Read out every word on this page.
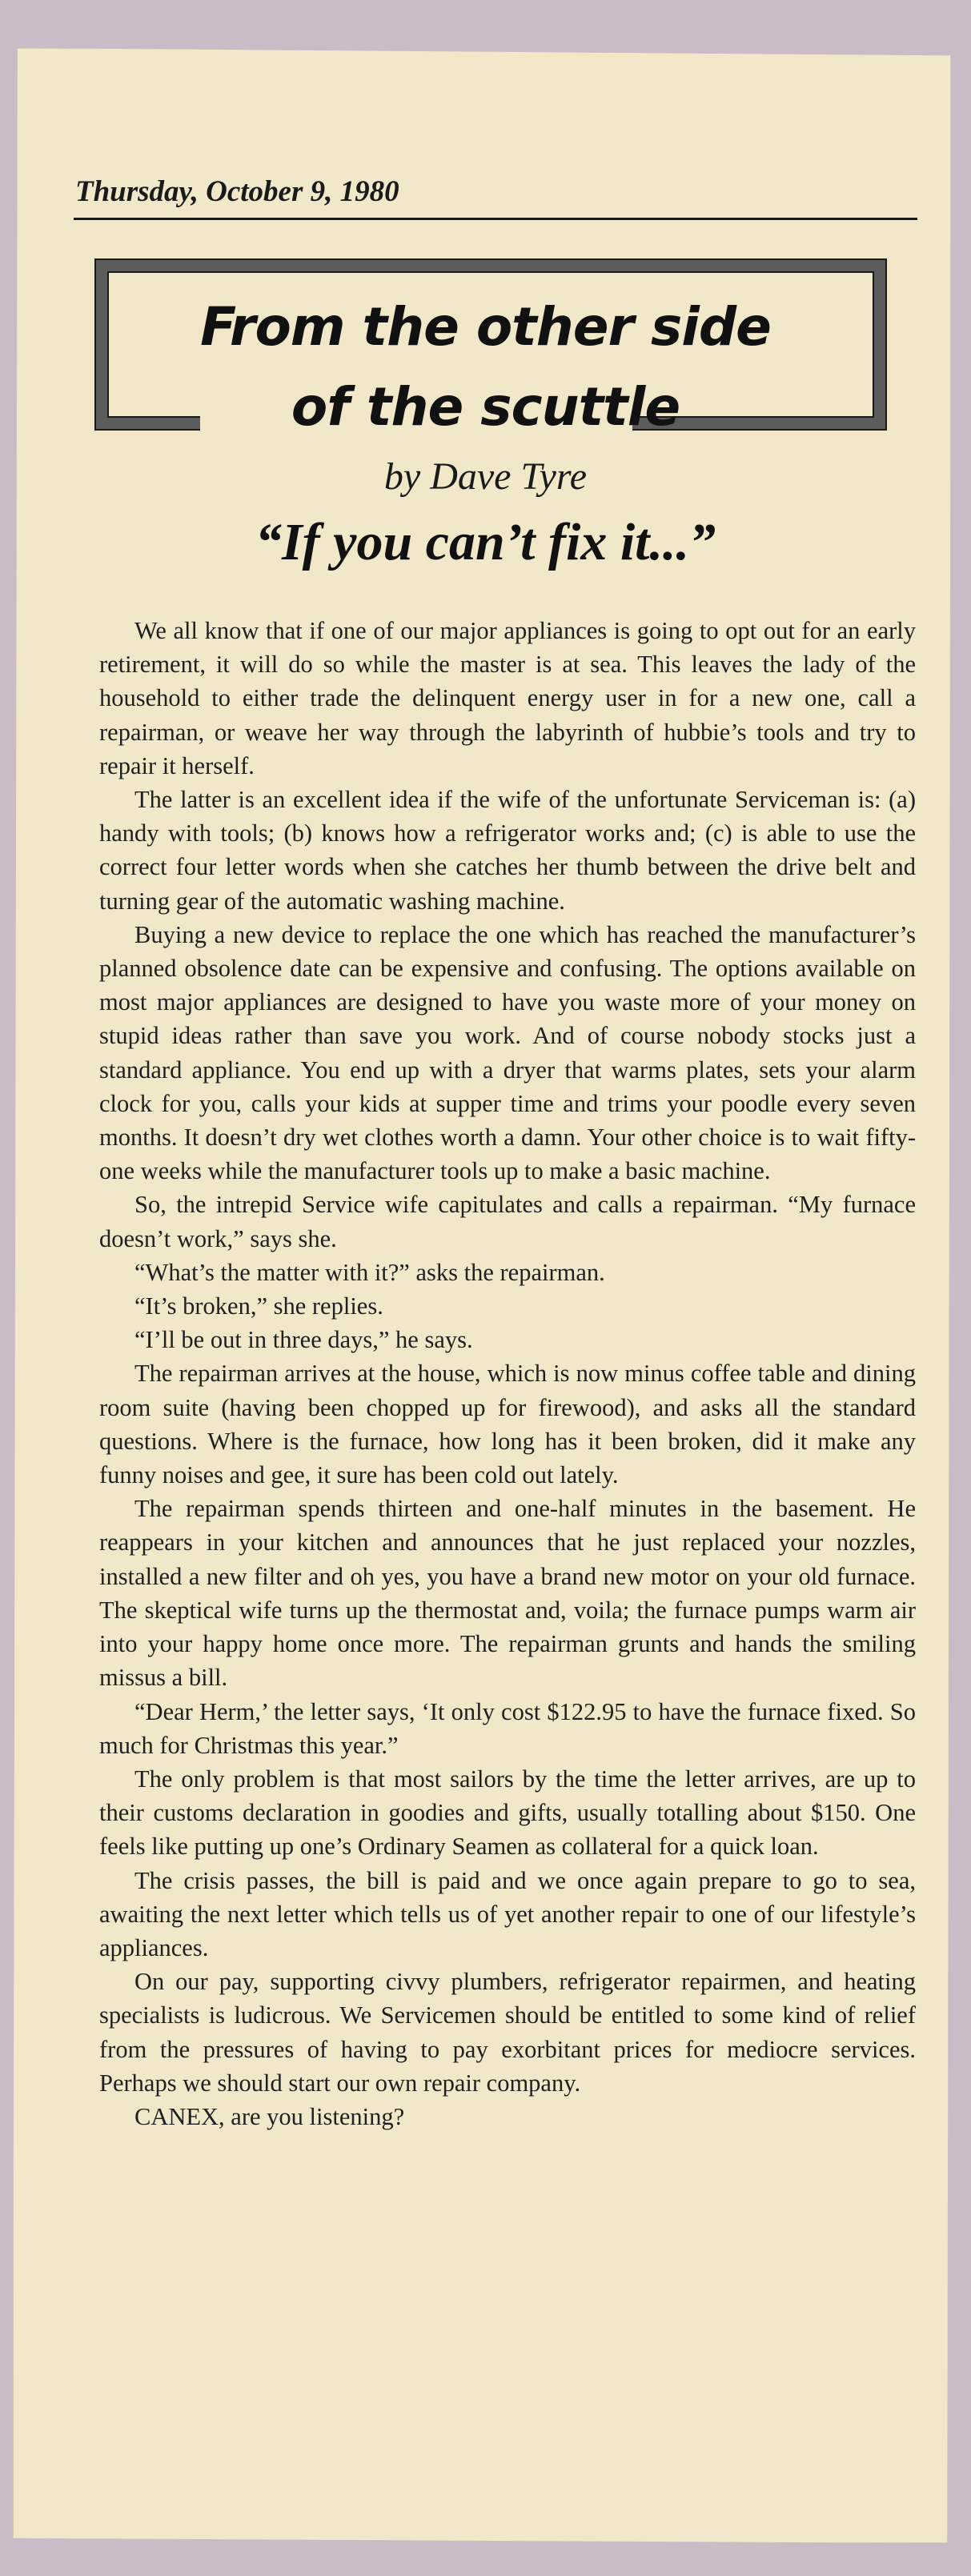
Thursday, October 9, 1980
From the other side
of the scuttle
by Dave Tyre
“If you can’t fix it...”

We all know that if one of our major appliances is going to opt out for an early retirement, it will do so while the master is at sea. This leaves the lady of the household to either trade the delinquent energy user in for a new one, call a repairman, or weave her way through the labyrinth of hubbie’s tools and try to repair it herself.

The latter is an excellent idea if the wife of the unfortunate Serviceman is: (a) handy with tools; (b) knows how a refrigerator works and; (c) is able to use the correct four letter words when she catches her thumb between the drive belt and turning gear of the automatic washing machine.

Buying a new device to replace the one which has reached the manufacturer’s planned obsolence date can be expensive and confusing. The options available on most major appliances are designed to have you waste more of your money on stupid ideas rather than save you work. And of course nobody stocks just a standard appliance. You end up with a dryer that warms plates, sets your alarm clock for you, calls your kids at supper time and trims your poodle every seven months. It doesn’t dry wet clothes worth a damn. Your other choice is to wait fifty-one weeks while the manufacturer tools up to make a basic machine.

So, the intrepid Service wife capitulates and calls a repairman. “My furnace doesn’t work,” says she.

“What’s the matter with it?” asks the repairman.

“It’s broken,” she replies.

“I’ll be out in three days,” he says.

The repairman arrives at the house, which is now minus coffee table and dining room suite (having been chopped up for firewood), and asks all the standard questions. Where is the furnace, how long has it been broken, did it make any funny noises and gee, it sure has been cold out lately.

The repairman spends thirteen and one-half minutes in the basement. He reappears in your kitchen and announces that he just replaced your nozzles, installed a new filter and oh yes, you have a brand new motor on your old furnace. The skeptical wife turns up the thermostat and, voila; the furnace pumps warm air into your happy home once more. The repairman grunts and hands the smiling missus a bill.

“Dear Herm,’ the letter says, ‘It only cost $122.95 to have the furnace fixed. So much for Christmas this year.”

The only problem is that most sailors by the time the letter arrives, are up to their customs declaration in goodies and gifts, usually totalling about $150. One feels like putting up one’s Ordinary Seamen as collateral for a quick loan.

The crisis passes, the bill is paid and we once again prepare to go to sea, awaiting the next letter which tells us of yet another repair to one of our lifestyle’s appliances.

On our pay, supporting civvy plumbers, refrigerator repairmen, and heating specialists is ludicrous. We Servicemen should be entitled to some kind of relief from the pressures of having to pay exorbitant prices for mediocre services. Perhaps we should start our own repair company.

CANEX, are you listening?
